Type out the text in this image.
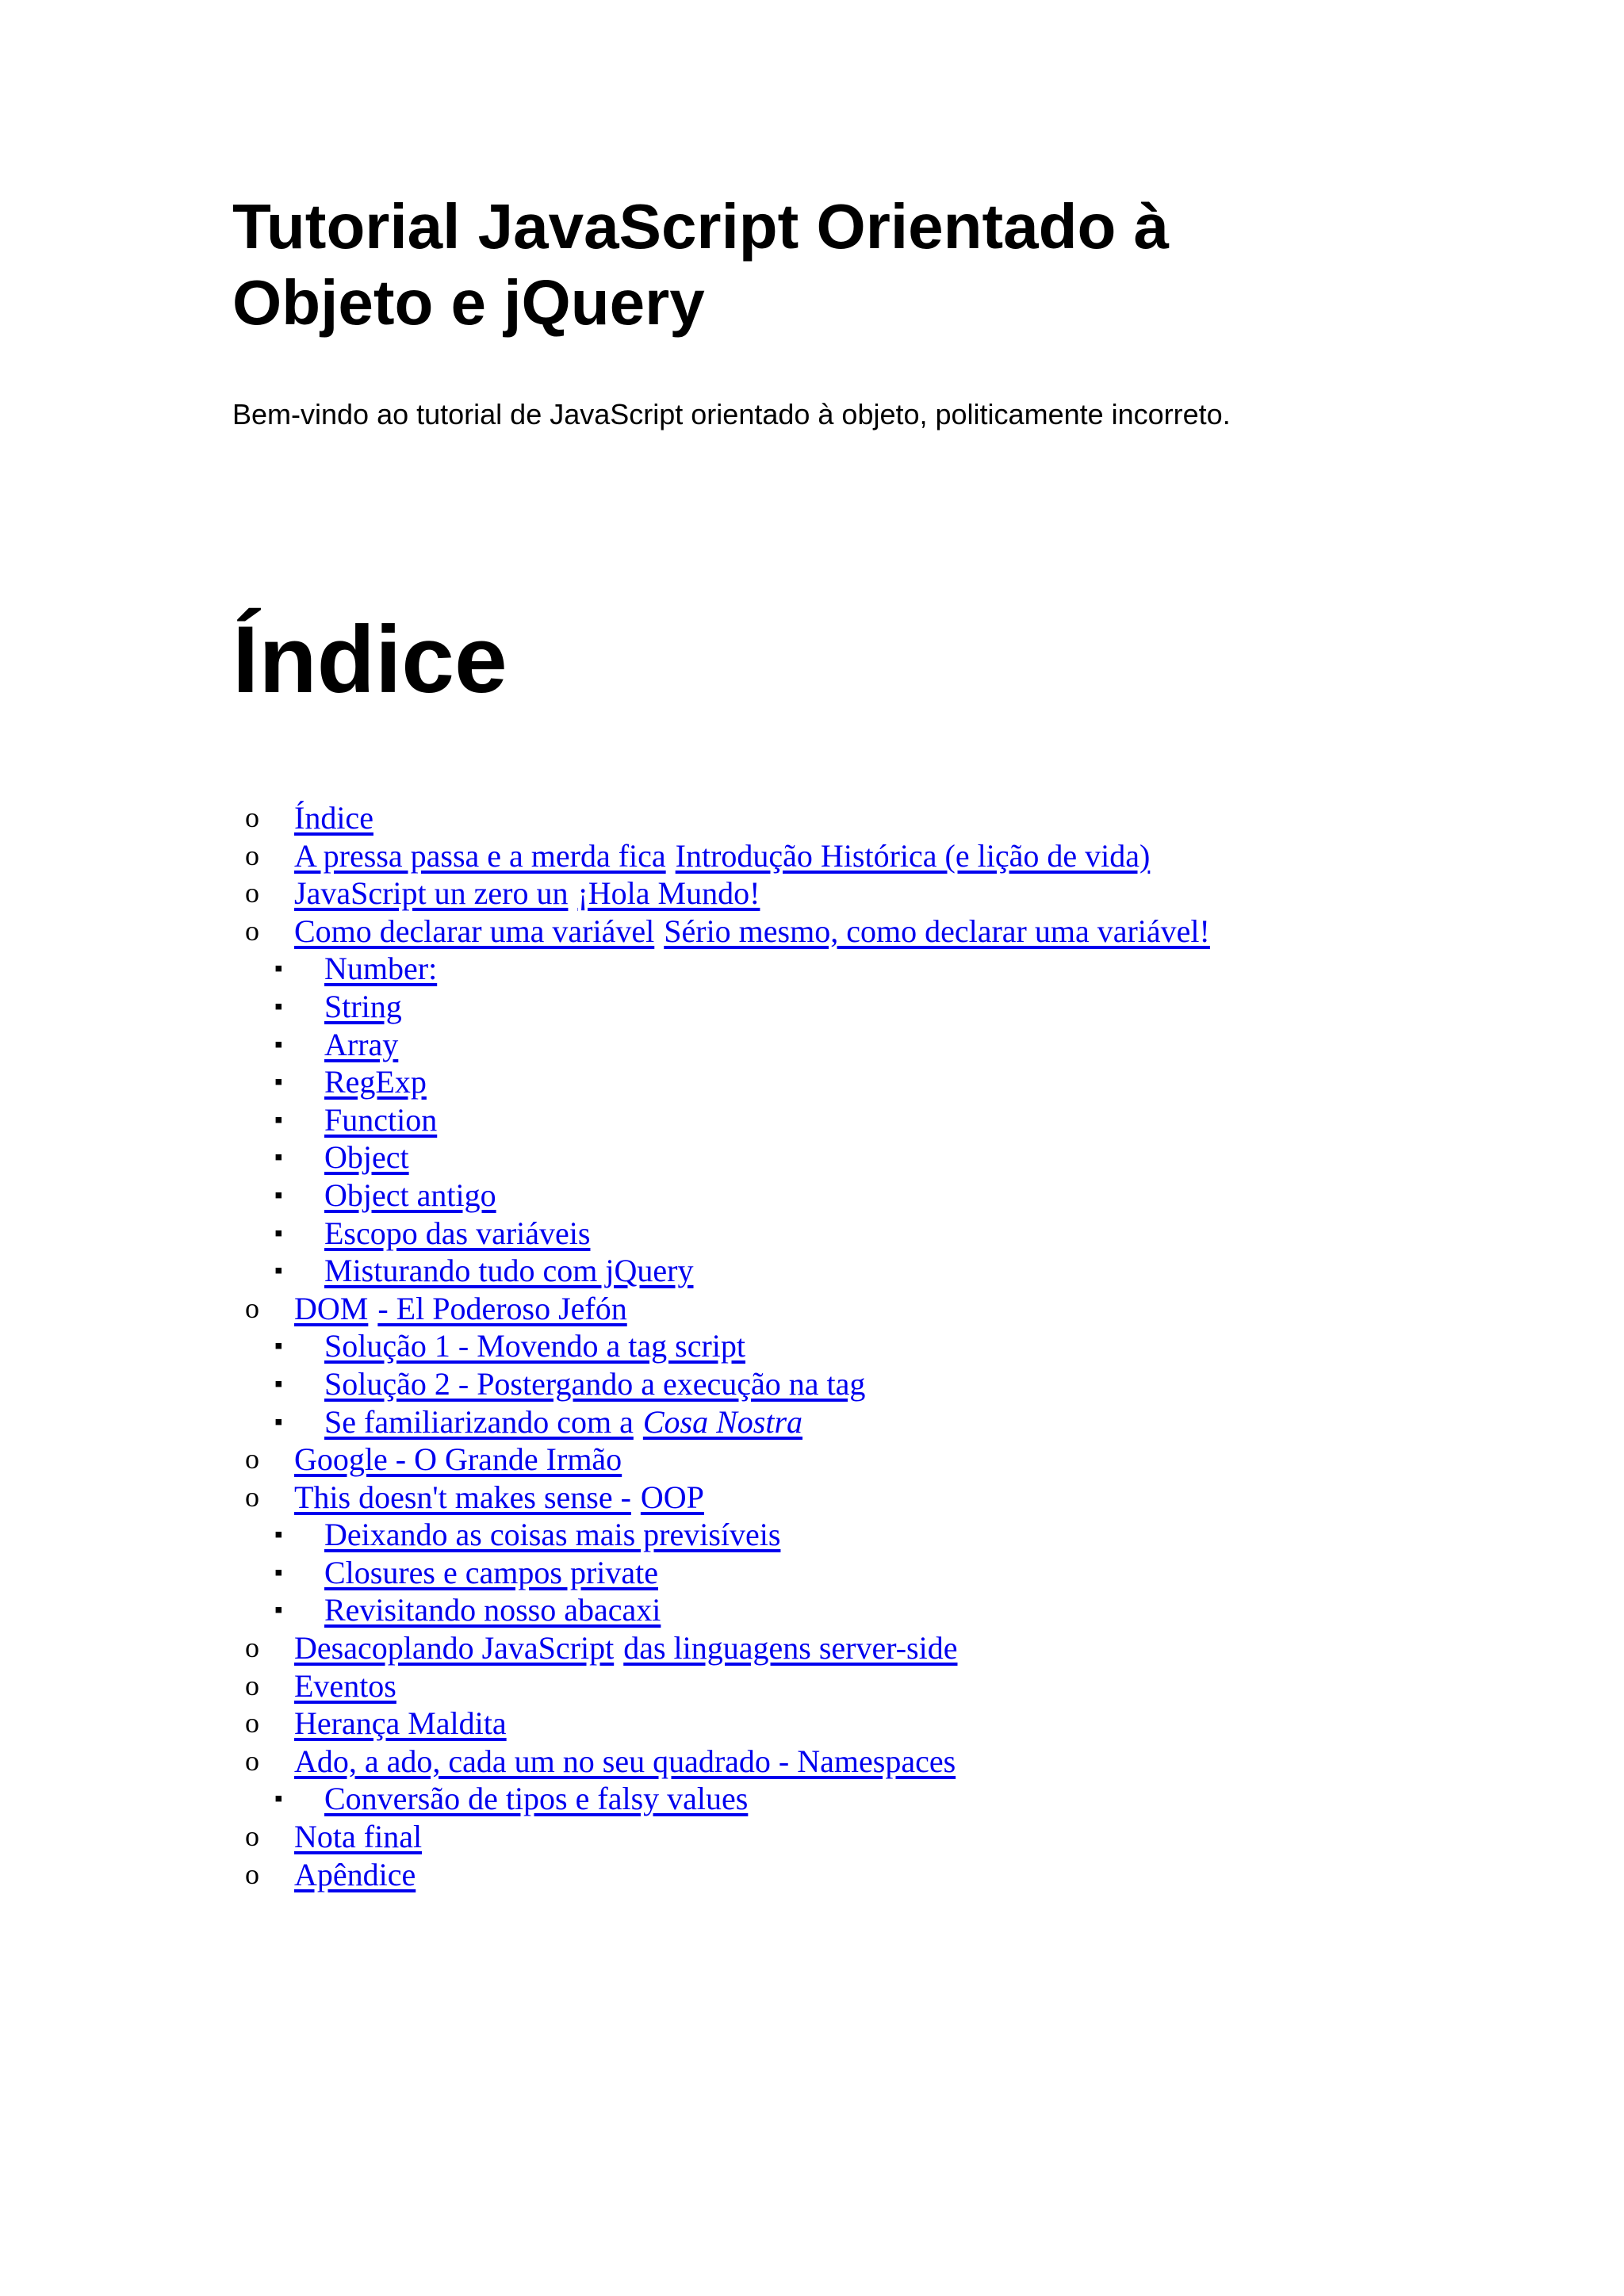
Tutorial JavaScript Orientado à Objeto e jQuery

Bem-vindo ao tutorial de JavaScript orientado à objeto, politicamente incorreto.

Índice
o Índice
o A pressa passa e a merda fica Introdução Histórica (e lição de vida)
o JavaScript un zero un ¡Hola Mundo!
o Como declarar uma variável Sério mesmo, como declarar uma variável!
▪ Number:
▪ String
▪ Array
▪ RegExp
▪ Function
▪ Object
▪ Object antigo
▪ Escopo das variáveis
▪ Misturando tudo com jQuery
o DOM - El Poderoso Jefón
▪ Solução 1 - Movendo a tag script
▪ Solução 2 - Postergando a execução na tag
▪ Se familiarizando com a Cosa Nostra
o Google - O Grande Irmão
o This doesn't makes sense - OOP
▪ Deixando as coisas mais previsíveis
▪ Closures e campos private
▪ Revisitando nosso abacaxi
o Desacoplando JavaScript das linguagens server-side
o Eventos
o Herança Maldita
o Ado, a ado, cada um no seu quadrado - Namespaces
▪ Conversão de tipos e falsy values
o Nota final
o Apêndice
